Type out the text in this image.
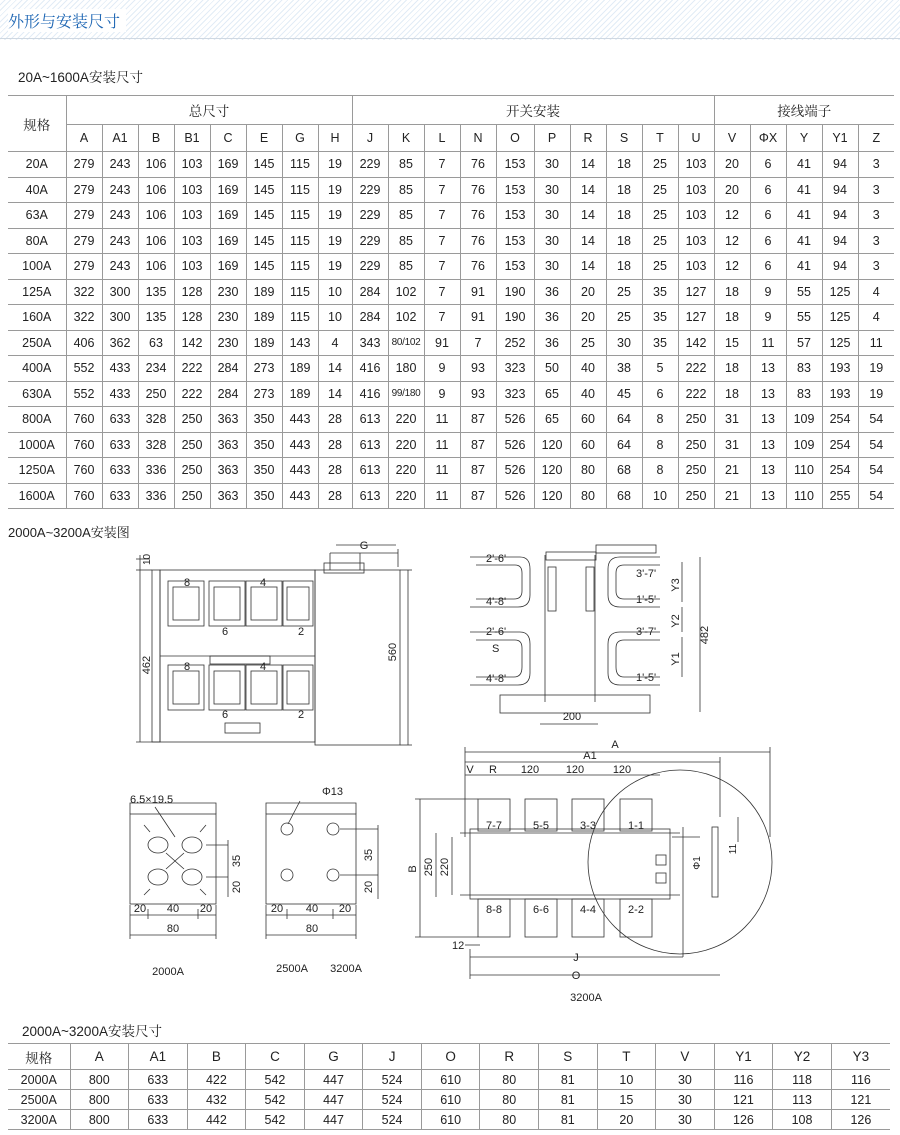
外形与安装尺寸
20A~1600A安装尺寸
规格	总尺寸								开关安装										接线端子				
	A	A1	B	B1	C	E	G	H	J	K	L	N	O	P	R	S	T	U	V	ΦX	Y	Y1	Z
20A	279	243	106	103	169	145	115	19	229	85	7	76	153	30	14	18	25	103	20	6	41	94	3
40A	279	243	106	103	169	145	115	19	229	85	7	76	153	30	14	18	25	103	20	6	41	94	3
63A	279	243	106	103	169	145	115	19	229	85	7	76	153	30	14	18	25	103	12	6	41	94	3
80A	279	243	106	103	169	145	115	19	229	85	7	76	153	30	14	18	25	103	12	6	41	94	3
100A	279	243	106	103	169	145	115	19	229	85	7	76	153	30	14	18	25	103	12	6	41	94	3
125A	322	300	135	128	230	189	115	10	284	102	7	91	190	36	20	25	35	127	18	9	55	125	4
160A	322	300	135	128	230	189	115	10	284	102	7	91	190	36	20	25	35	127	18	9	55	125	4
250A	406	362	63	142	230	189	143	4	343	80/102	91	7	252	36	25	30	35	142	15	11	57	125	11
400A	552	433	234	222	284	273	189	14	416	180	9	93	323	50	40	38	5	222	18	13	83	193	19
630A	552	433	250	222	284	273	189	14	416	99/180	9	93	323	65	40	45	6	222	18	13	83	193	19
800A	760	633	328	250	363	350	443	28	613	220	11	87	526	65	60	64	8	250	31	13	109	254	54
1000A	760	633	328	250	363	350	443	28	613	220	11	87	526	120	60	64	8	250	31	13	109	254	54
1250A	760	633	336	250	363	350	443	28	613	220	11	87	526	120	80	68	8	250	21	13	110	254	54
1600A	760	633	336	250	363	350	443	28	613	220	11	87	526	120	80	68	10	250	21	13	110	255	54
2000A~3200A安装图
G
10
462
560
8	4
6	2
8	4
6	2
2'-6'
4'-8'
2'-6'
S
4'-8'
3'-7'
1'-5'
3'-7'
1'-5'
Y3
Y2
Y1
482
200
6.5×19.5
35
20
20 40 20
80
2000A
Φ13
35
20
20 40 20
80
2500A 3200A
A
A1
V R 120 120	120
7-7	5-5	3-3	1-1
8-8	6-6	4-4	2-2
B 250 220
12
J
O
11
Φ1
3200A
2000A~3200A安装尺寸
规格	A	A1	B	C	G	J	O	R	S	T	V	Y1	Y2	Y3
2000A	800	633	422	542	447	524	610	80	81	10	30	116	118	116
2500A	800	633	432	542	447	524	610	80	81	15	30	121	113	121
3200A	800	633	442	542	447	524	610	80	81	20	30	126	108	126
